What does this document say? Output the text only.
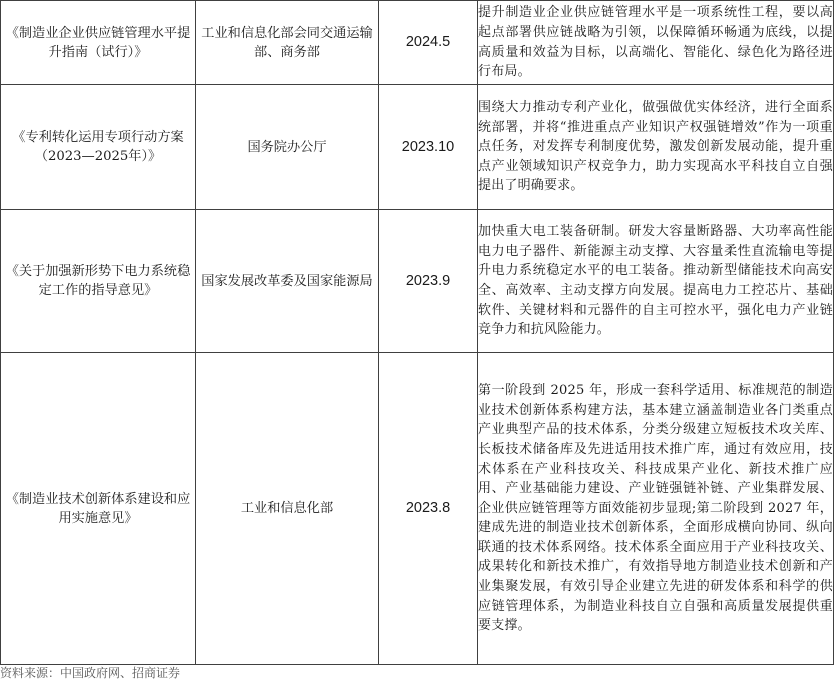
《制造业企业供应链管理水平提升指南（试行）》	工业和信息化部会同交通运输部、商务部	2024.5	提升制造业企业供应链管理水平是一项系统性工程，要以高起点部署供应链战略为引领，以保障循环畅通为底线，以提高质量和效益为目标，以高端化、智能化、绿色化为路径进行布局。
《专利转化运用专项行动方案（2023—2025年）》	国务院办公厅	2023.10	围绕大力推动专利产业化，做强做优实体经济，进行全面系统部署，并将“推进重点产业知识产权强链增效”作为一项重点任务，对发挥专利制度优势，激发创新发展动能，提升重点产业领域知识产权竞争力，助力实现高水平科技自立自强提出了明确要求。
《关于加强新形势下电力系统稳定工作的指导意见》	国家发展改革委及国家能源局	2023.9	加快重大电工装备研制。研发大容量断路器、大功率高性能电力电子器件、新能源主动支撑、大容量柔性直流输电等提升电力系统稳定水平的电工装备。推动新型储能技术向高安全、高效率、主动支撑方向发展。提高电力工控芯片、基础软件、关键材料和元器件的自主可控水平，强化电力产业链竞争力和抗风险能力。
《制造业技术创新体系建设和应用实施意见》	工业和信息化部	2023.8	第一阶段到 2025 年，形成一套科学适用、标准规范的制造业技术创新体系构建方法，基本建立涵盖制造业各门类重点产业典型产品的技术体系，分类分级建立短板技术攻关库、长板技术储备库及先进适用技术推广库，通过有效应用，技术体系在产业科技攻关、科技成果产业化、新技术推广应用、产业基础能力建设、产业链强链补链、产业集群发展、企业供应链管理等方面效能初步显现;第二阶段到 2027 年，建成先进的制造业技术创新体系，全面形成横向协同、纵向联通的技术体系网络。技术体系全面应用于产业科技攻关、成果转化和新技术推广，有效指导地方制造业技术创新和产业集聚发展，有效引导企业建立先进的研发体系和科学的供应链管理体系，为制造业科技自立自强和高质量发展提供重要支撑。
资料来源：中国政府网、招商证券
